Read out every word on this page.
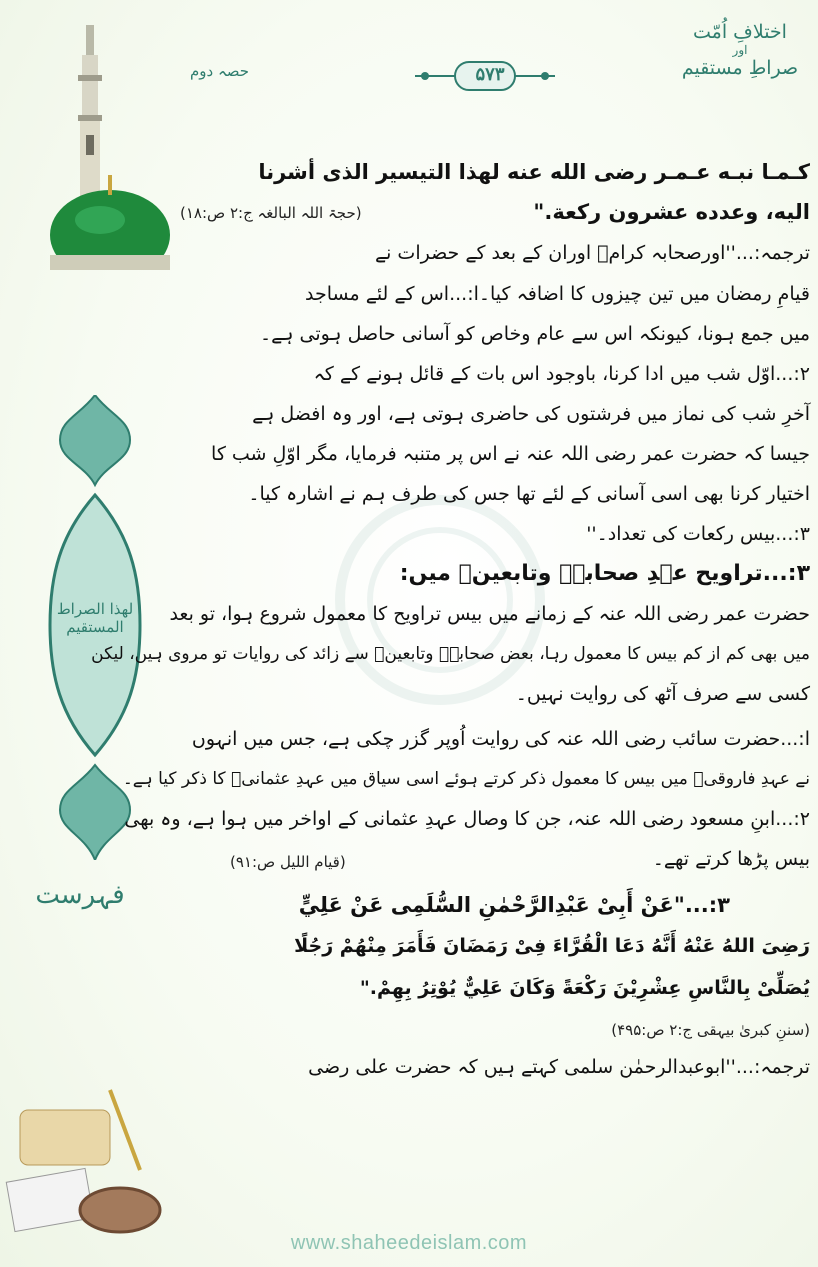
لھذا الصراط المستقیم
فہرست
حصہ دوم	۵۷۳
اختلافِ اُمّت
اور
صراطِ مستقیم
کـمـا نبـه عـمـر رضى الله عنه لهذا التيسير الذى أشرنا
اليه، وعدده عشرون ركعة."
(حجۃ اللہ البالغہ ج:۲ ص:۱۸)
ترجمہ:...''اورصحابہ کرامؓ اوران کے بعد کے حضرات نے
قیامِ رمضان میں تین چیزوں کا اضافہ کیا۔ا:...اس کے لئے مساجد
میں جمع ہونا، کیونکہ اس سے عام وخاص کو آسانی حاصل ہوتی ہے۔
۲:...اوّل شب میں ادا کرنا، باوجود اس بات کے قائل ہونے کے کہ
آخرِ شب کی نماز میں فرشتوں کی حاضری ہوتی ہے، اور وہ افضل ہے
جیسا کہ حضرت عمر رضی اللہ عنہ نے اس پر متنبہ فرمایا، مگر اوّلِ شب کا
اختیار کرنا بھی اسی آسانی کے لئے تھا جس کی طرف ہم نے اشارہ کیا۔
۳:...بیس رکعات کی تعداد۔''
۳:...تراویح عہدِ صحابہؓ وتابعینؒ میں:
حضرت عمر رضی اللہ عنہ کے زمانے میں بیس تراویح کا معمول شروع ہوا، تو بعد
میں بھی کم از کم بیس کا معمول رہا، بعض صحابہؓ وتابعینؒ سے زائد کی روایات تو مروی ہیں، لیکن
کسی سے صرف آٹھ کی روایت نہیں۔
ا:...حضرت سائب رضی اللہ عنہ کی روایت اُوپر گزر چکی ہے، جس میں انہوں
نے عہدِ فاروقیؓ میں بیس کا معمول ذکر کرتے ہوئے اسی سیاق میں عہدِ عثمانیؓ کا ذکر کیا ہے۔
۲:...ابنِ مسعود رضی اللہ عنہ، جن کا وصال عہدِ عثمانی کے اواخر میں ہوا ہے، وہ بھی
بیس پڑھا کرتے تھے۔
(قیام اللیل ص:۹۱)
۳:..."عَنْ أَبِىْ عَبْدِالرَّحْمٰنِ السُّلَمِى عَنْ عَلِيٍّ
رَضِىَ اللهُ عَنْهُ أَنَّهُ دَعَا الْقُرَّاءَ فِىْ رَمَضَانَ فَأَمَرَ مِنْهُمْ رَجُلًا
يُصَلِّىْ بِالنَّاسِ عِشْرِيْنَ رَكْعَةً وَكَانَ عَلِيٌّ يُوْتِرُ بِهِمْ."
(سننِ کبریٰ بیہقی ج:۲ ص:۴۹۵)
ترجمہ:...''ابوعبدالرحمٰن سلمی کہتے ہیں کہ حضرت علی رضی
www.shaheedeislam.com
